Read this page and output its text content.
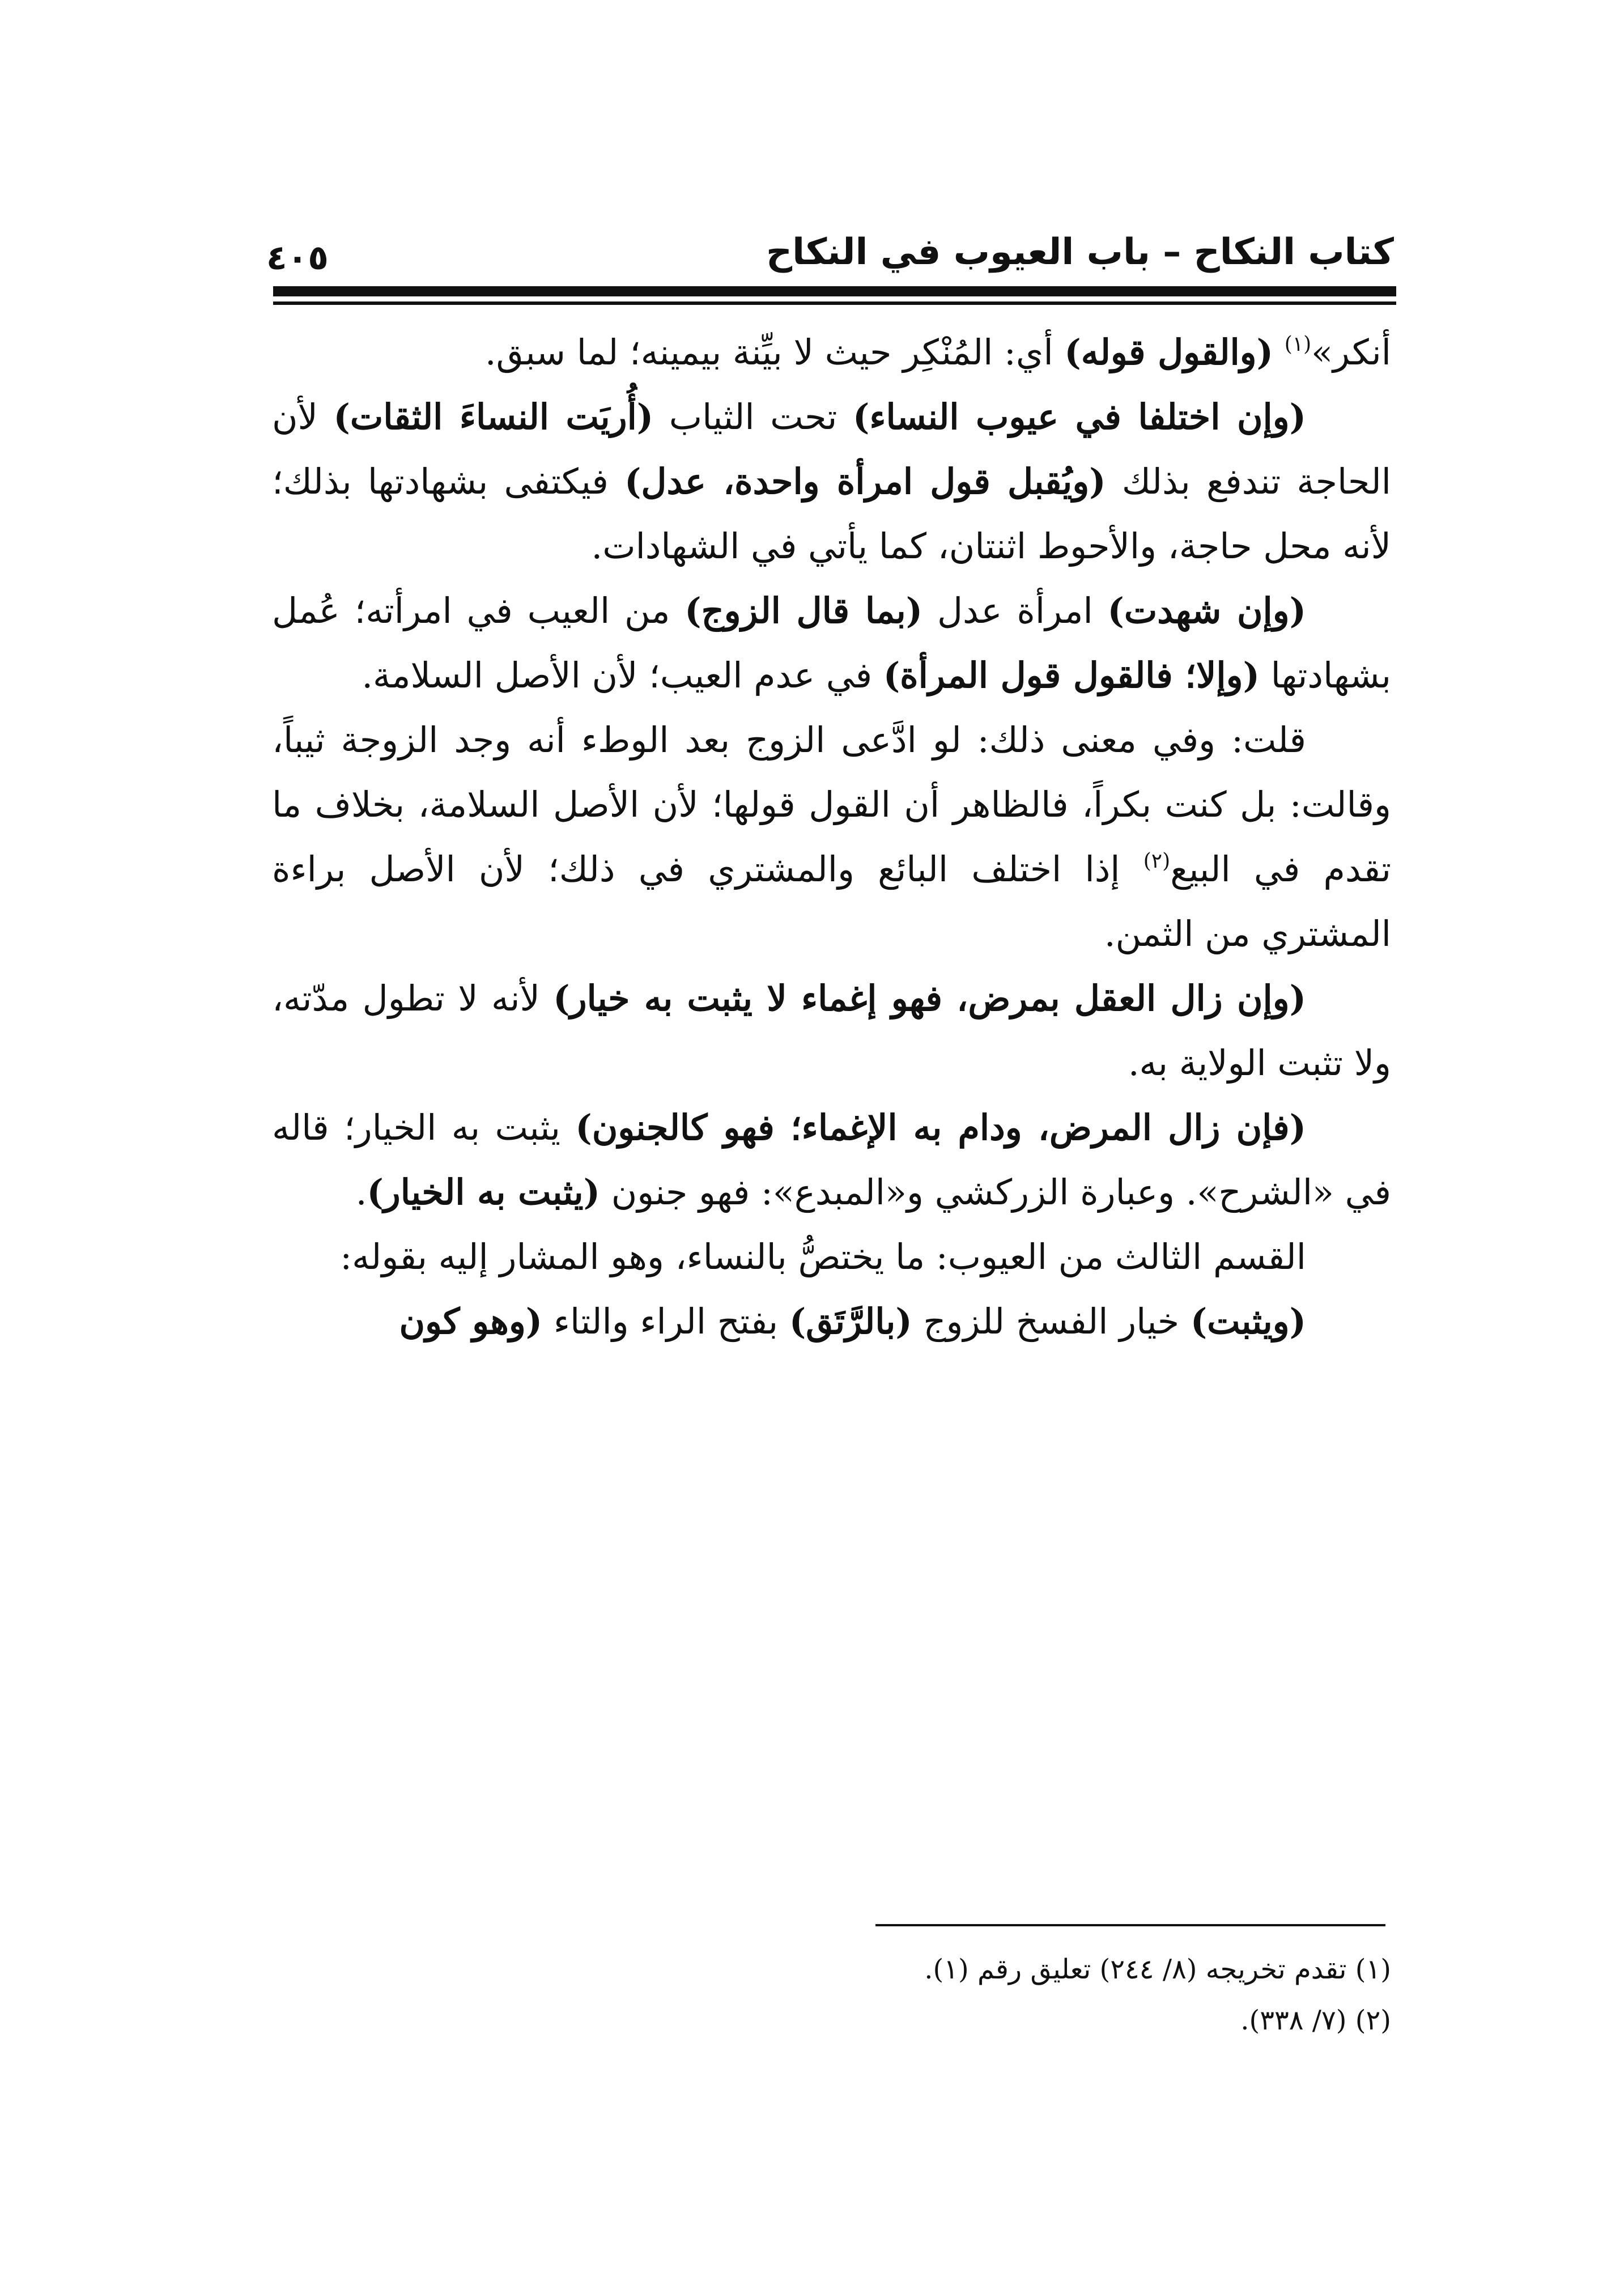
كتاب النكاح – باب العيوب في النكاح
٤٠٥

أنكر»$^{(١)}$ (والقول قوله) أي: المُنْكِر حيث لا بيِّنة بيمينه؛ لما سبق.

(وإن اختلفا في عيوب النساء) تحت الثياب (أُريَت النساءَ الثقات) لأن الحاجة تندفع بذلك (ويُقبل قول امرأة واحدة، عدل) فيكتفى بشهادتها بذلك؛ لأنه محل حاجة، والأحوط اثنتان، كما يأتي في الشهادات.

(وإن شهدت) امرأة عدل (بما قال الزوج) من العيب في امرأته؛ عُمل بشهادتها (وإلا؛ فالقول قول المرأة) في عدم العيب؛ لأن الأصل السلامة.

قلت: وفي معنى ذلك: لو ادَّعى الزوج بعد الوطء أنه وجد الزوجة ثيباً، وقالت: بل كنت بكراً، فالظاهر أن القول قولها؛ لأن الأصل السلامة، بخلاف ما تقدم في البيع$^{(٢)}$ إذا اختلف البائع والمشتري في ذلك؛ لأن الأصل براءة المشتري من الثمن.

(وإن زال العقل بمرض، فهو إغماء لا يثبت به خيار) لأنه لا تطول مدّته، ولا تثبت الولاية به.

(فإن زال المرض، ودام به الإغماء؛ فهو كالجنون) يثبت به الخيار؛ قاله في «الشرح». وعبارة الزركشي و«المبدع»: فهو جنون (يثبت به الخيار).

القسم الثالث من العيوب: ما يختصُّ بالنساء، وهو المشار إليه بقوله:

(ويثبت) خيار الفسخ للزوج (بالرَّتَق) بفتح الراء والتاء (وهو كون

(١) تقدم تخريجه (٨/ ٢٤٤) تعليق رقم (١).

(٢) (٧/ ٣٣٨).
